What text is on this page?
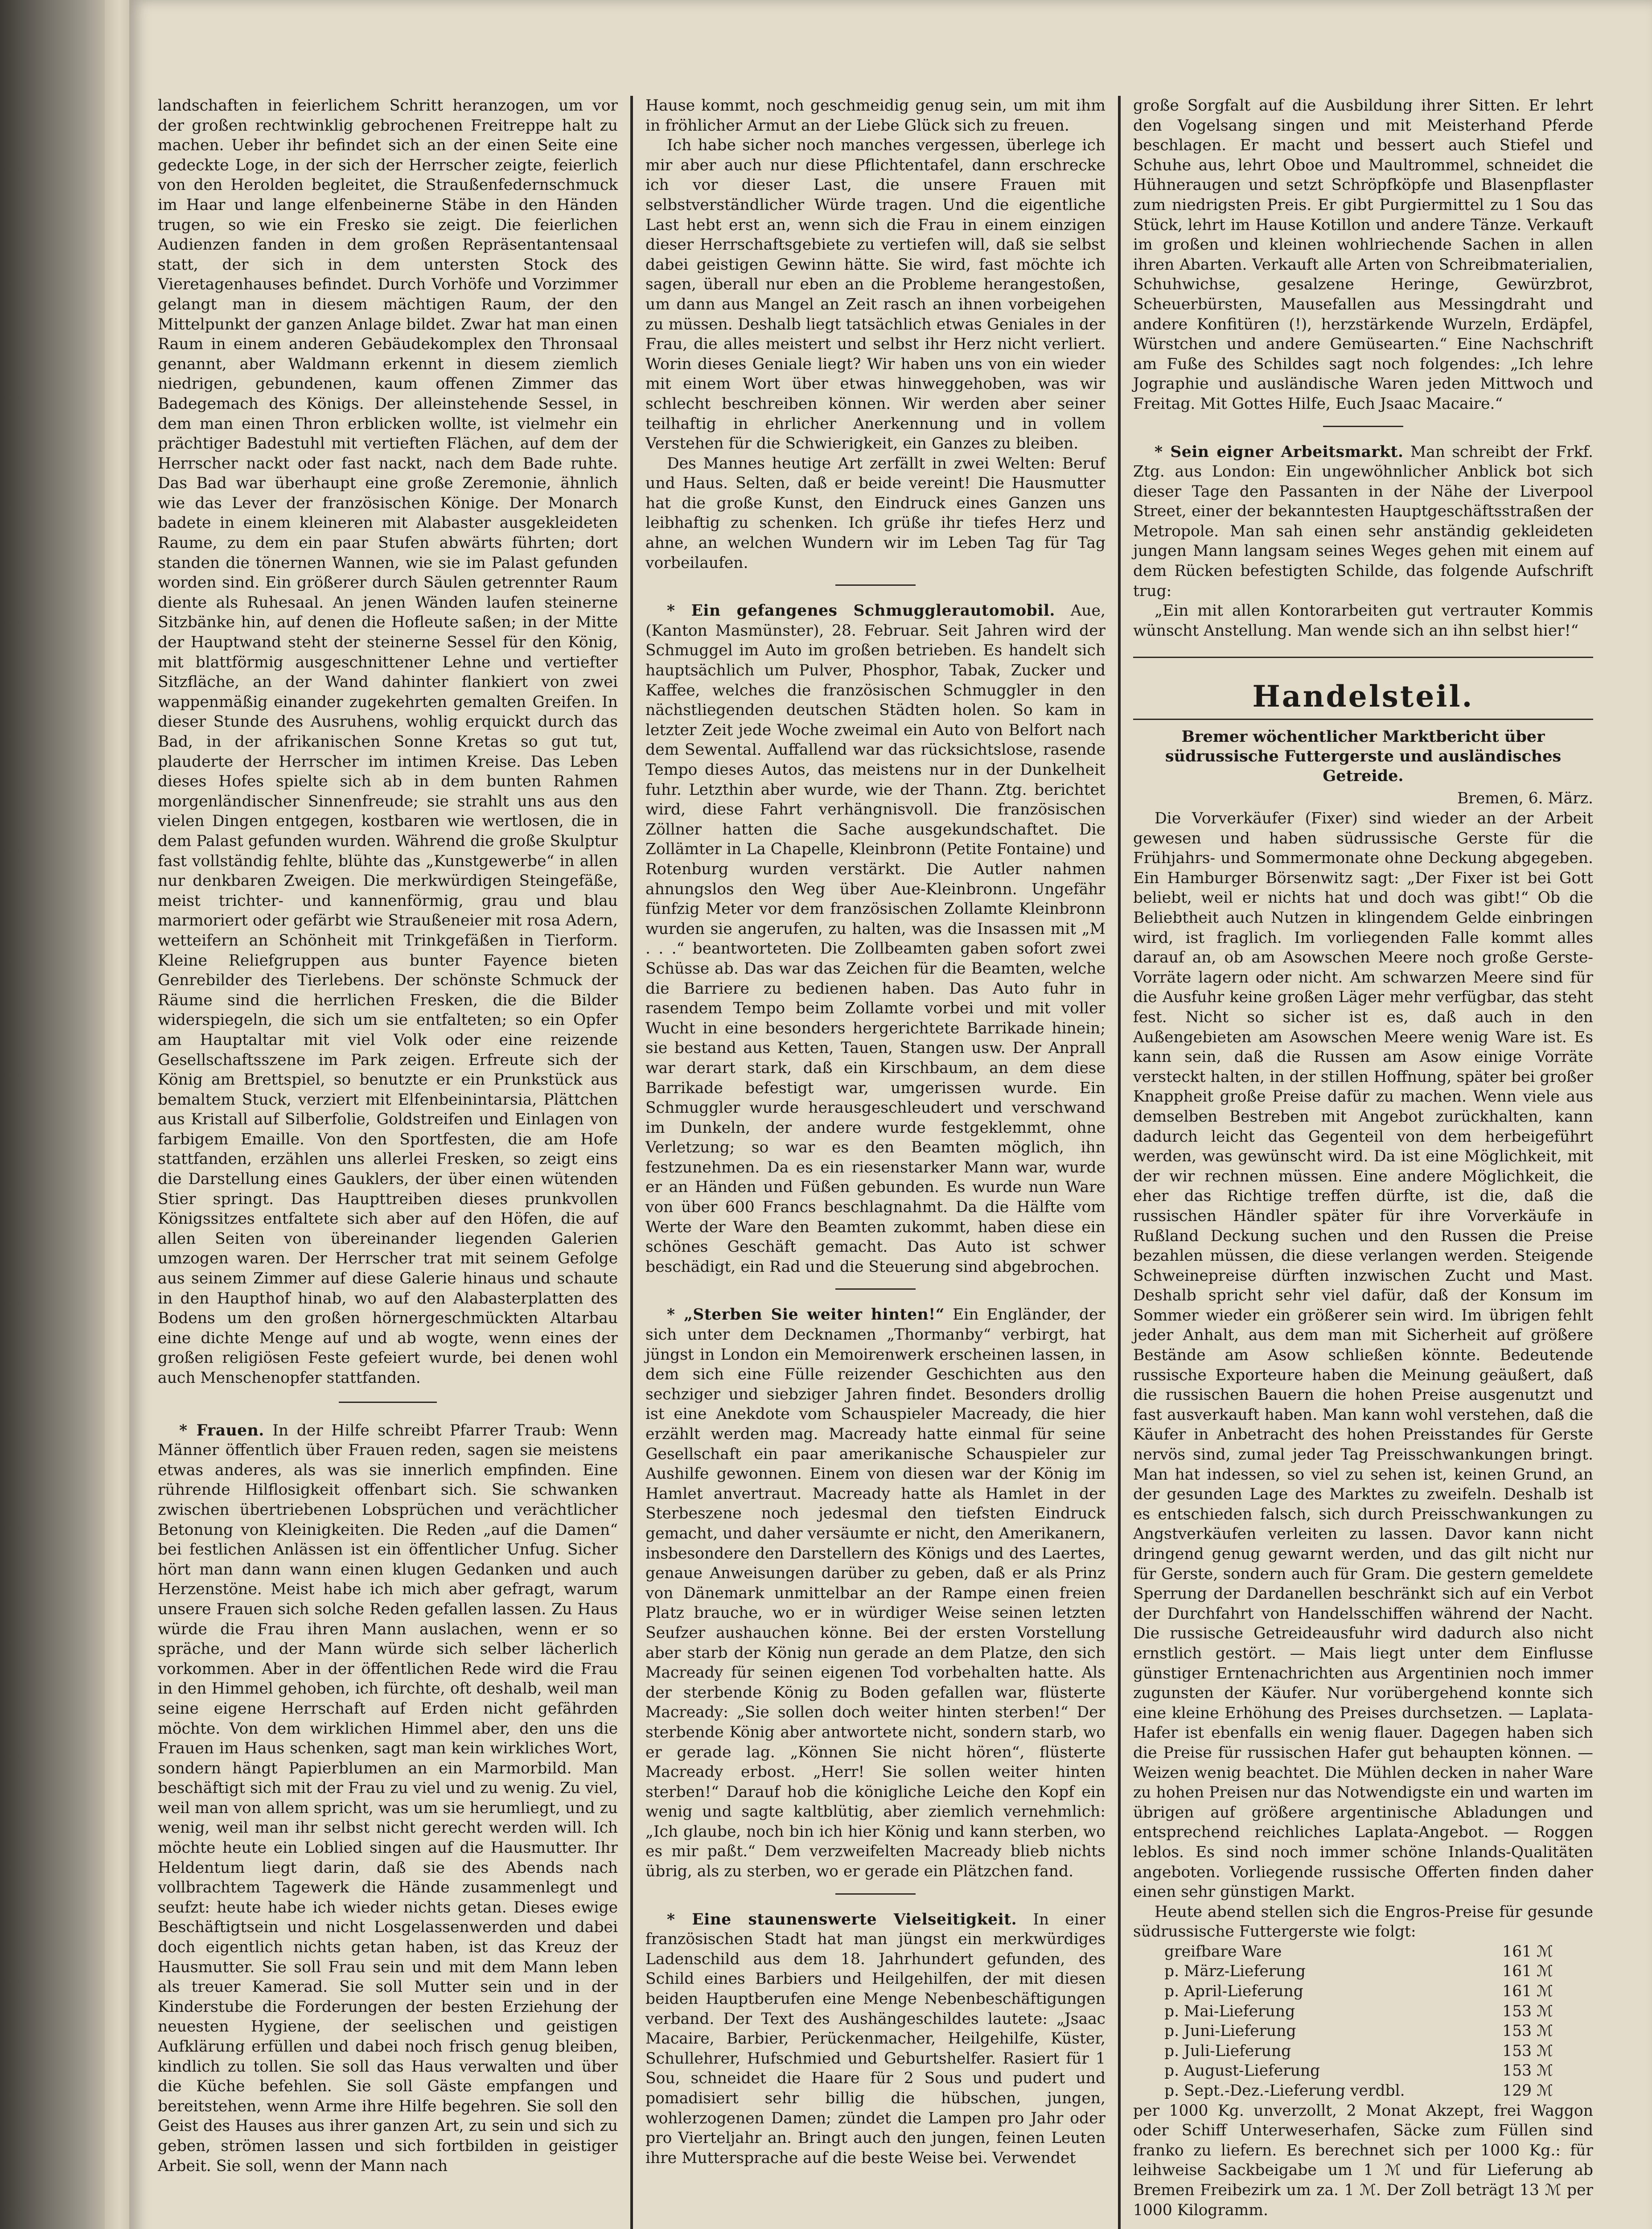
landschaften in feierlichem Schritt heranzogen, um vor der großen rechtwinklig gebrochenen Freitreppe halt zu machen. Ueber ihr befindet sich an der einen Seite eine gedeckte Loge, in der sich der Herrscher zeigte, feierlich von den Herolden begleitet, die Straußenfedernschmuck im Haar und lange elfenbeinerne Stäbe in den Händen trugen, so wie ein Fresko sie zeigt. Die feierlichen Audienzen fanden in dem großen Repräsentantensaal statt, der sich in dem untersten Stock des Vieretagenhauses befindet. Durch Vorhöfe und Vorzimmer gelangt man in diesem mächtigen Raum, der den Mittelpunkt der ganzen Anlage bildet. Zwar hat man einen Raum in einem anderen Gebäudekomplex den Thronsaal genannt, aber Waldmann erkennt in diesem ziemlich niedrigen, gebundenen, kaum offenen Zimmer das Badegemach des Königs. Der alleinstehende Sessel, in dem man einen Thron erblicken wollte, ist vielmehr ein prächtiger Badestuhl mit vertieften Flächen, auf dem der Herrscher nackt oder fast nackt, nach dem Bade ruhte. Das Bad war überhaupt eine große Zeremonie, ähnlich wie das Lever der französischen Könige. Der Monarch badete in einem kleineren mit Alabaster ausgekleideten Raume, zu dem ein paar Stufen abwärts führten; dort standen die tönernen Wannen, wie sie im Palast gefunden worden sind. Ein größerer durch Säulen getrennter Raum diente als Ruhesaal. An jenen Wänden laufen steinerne Sitzbänke hin, auf denen die Hofleute saßen; in der Mitte der Hauptwand steht der steinerne Sessel für den König, mit blattförmig ausgeschnittener Lehne und vertiefter Sitzfläche, an der Wand dahinter flankiert von zwei wappenmäßig einander zugekehrten gemalten Greifen. In dieser Stunde des Ausruhens, wohlig erquickt durch das Bad, in der afrikanischen Sonne Kretas so gut tut, plauderte der Herrscher im intimen Kreise. Das Leben dieses Hofes spielte sich ab in dem bunten Rahmen morgenländischer Sinnenfreude; sie strahlt uns aus den vielen Dingen entgegen, kostbaren wie wertlosen, die in dem Palast gefunden wurden. Während die große Skulptur fast vollständig fehlte, blühte das „Kunstgewerbe“ in allen nur denkbaren Zweigen. Die merkwürdigen Steingefäße, meist trichter- und kannenförmig, grau und blau marmoriert oder gefärbt wie Straußeneier mit rosa Adern, wetteifern an Schönheit mit Trinkgefäßen in Tierform. Kleine Reliefgruppen aus bunter Fayence bieten Genrebilder des Tierlebens. Der schönste Schmuck der Räume sind die herrlichen Fresken, die die Bilder widerspiegeln, die sich um sie entfalteten; so ein Opfer am Hauptaltar mit viel Volk oder eine reizende Gesellschaftsszene im Park zeigen. Erfreute sich der König am Brettspiel, so benutzte er ein Prunkstück aus bemaltem Stuck, verziert mit Elfenbeinintarsia, Plättchen aus Kristall auf Silberfolie, Goldstreifen und Einlagen von farbigem Emaille. Von den Sportfesten, die am Hofe stattfanden, erzählen uns allerlei Fresken, so zeigt eins die Darstellung eines Gauklers, der über einen wütenden Stier springt. Das Haupttreiben dieses prunkvollen Königssitzes entfaltete sich aber auf den Höfen, die auf allen Seiten von übereinander liegenden Galerien umzogen waren. Der Herrscher trat mit seinem Gefolge aus seinem Zimmer auf diese Galerie hinaus und schaute in den Haupthof hinab, wo auf den Alabasterplatten des Bodens um den großen hörnergeschmückten Altarbau eine dichte Menge auf und ab wogte, wenn eines der großen religiösen Feste gefeiert wurde, bei denen wohl auch Menschenopfer stattfanden.

* Frauen. In der Hilfe schreibt Pfarrer Traub: Wenn Männer öffentlich über Frauen reden, sagen sie meistens etwas anderes, als was sie innerlich empfinden. Eine rührende Hilflosigkeit offenbart sich. Sie schwanken zwischen übertriebenen Lobsprüchen und verächtlicher Betonung von Kleinigkeiten. Die Reden „auf die Damen“ bei festlichen Anlässen ist ein öffentlicher Unfug. Sicher hört man dann wann einen klugen Gedanken und auch Herzenstöne. Meist habe ich mich aber gefragt, warum unsere Frauen sich solche Reden gefallen lassen. Zu Haus würde die Frau ihren Mann auslachen, wenn er so spräche, und der Mann würde sich selber lächerlich vorkommen. Aber in der öffentlichen Rede wird die Frau in den Himmel gehoben, ich fürchte, oft deshalb, weil man seine eigene Herrschaft auf Erden nicht gefährden möchte. Von dem wirklichen Himmel aber, den uns die Frauen im Haus schenken, sagt man kein wirkliches Wort, sondern hängt Papierblumen an ein Marmorbild. Man beschäftigt sich mit der Frau zu viel und zu wenig. Zu viel, weil man von allem spricht, was um sie herumliegt, und zu wenig, weil man ihr selbst nicht gerecht werden will. Ich möchte heute ein Loblied singen auf die Hausmutter. Ihr Heldentum liegt darin, daß sie des Abends nach vollbrachtem Tagewerk die Hände zusammenlegt und seufzt: heute habe ich wieder nichts getan. Dieses ewige Beschäftigtsein und nicht Losgelassenwerden und dabei doch eigentlich nichts getan haben, ist das Kreuz der Hausmutter. Sie soll Frau sein und mit dem Mann leben als treuer Kamerad. Sie soll Mutter sein und in der Kinderstube die Forderungen der besten Erziehung der neuesten Hygiene, der seelischen und geistigen Aufklärung erfüllen und dabei noch frisch genug bleiben, kindlich zu tollen. Sie soll das Haus verwalten und über die Küche befehlen. Sie soll Gäste empfangen und bereitstehen, wenn Arme ihre Hilfe begehren. Sie soll den Geist des Hauses aus ihrer ganzen Art, zu sein und sich zu geben, strömen lassen und sich fortbilden in geistiger Arbeit. Sie soll, wenn der Mann nach

Hause kommt, noch geschmeidig genug sein, um mit ihm in fröhlicher Armut an der Liebe Glück sich zu freuen.

Ich habe sicher noch manches vergessen, überlege ich mir aber auch nur diese Pflichtentafel, dann erschrecke ich vor dieser Last, die unsere Frauen mit selbstverständlicher Würde tragen. Und die eigentliche Last hebt erst an, wenn sich die Frau in einem einzigen dieser Herrschaftsgebiete zu vertiefen will, daß sie selbst dabei geistigen Gewinn hätte. Sie wird, fast möchte ich sagen, überall nur eben an die Probleme herangestoßen, um dann aus Mangel an Zeit rasch an ihnen vorbeigehen zu müssen. Deshalb liegt tatsächlich etwas Geniales in der Frau, die alles meistert und selbst ihr Herz nicht verliert. Worin dieses Geniale liegt? Wir haben uns von ein wieder mit einem Wort über etwas hinweggehoben, was wir schlecht beschreiben können. Wir werden aber seiner teilhaftig in ehrlicher Anerkennung und in vollem Verstehen für die Schwierigkeit, ein Ganzes zu bleiben.

Des Mannes heutige Art zerfällt in zwei Welten: Beruf und Haus. Selten, daß er beide vereint! Die Hausmutter hat die große Kunst, den Eindruck eines Ganzen uns leibhaftig zu schenken. Ich grüße ihr tiefes Herz und ahne, an welchen Wundern wir im Leben Tag für Tag vorbeilaufen.

* Ein gefangenes Schmugglerautomobil. Aue, (Kanton Masmünster), 28. Februar. Seit Jahren wird der Schmuggel im Auto im großen betrieben. Es handelt sich hauptsächlich um Pulver, Phosphor, Tabak, Zucker und Kaffee, welches die französischen Schmuggler in den nächstliegenden deutschen Städten holen. So kam in letzter Zeit jede Woche zweimal ein Auto von Belfort nach dem Sewental. Auffallend war das rücksichtslose, rasende Tempo dieses Autos, das meistens nur in der Dunkelheit fuhr. Letzthin aber wurde, wie der Thann. Ztg. berichtet wird, diese Fahrt verhängnisvoll. Die französischen Zöllner hatten die Sache ausgekundschaftet. Die Zollämter in La Chapelle, Kleinbronn (Petite Fontaine) und Rotenburg wurden verstärkt. Die Autler nahmen ahnungslos den Weg über Aue-Kleinbronn. Ungefähr fünfzig Meter vor dem französischen Zollamte Kleinbronn wurden sie angerufen, zu halten, was die Insassen mit „M . . .“ beantworteten. Die Zollbeamten gaben sofort zwei Schüsse ab. Das war das Zeichen für die Beamten, welche die Barriere zu bedienen haben. Das Auto fuhr in rasendem Tempo beim Zollamte vorbei und mit voller Wucht in eine besonders hergerichtete Barrikade hinein; sie bestand aus Ketten, Tauen, Stangen usw. Der Anprall war derart stark, daß ein Kirschbaum, an dem diese Barrikade befestigt war, umgerissen wurde. Ein Schmuggler wurde herausgeschleudert und verschwand im Dunkeln, der andere wurde festgeklemmt, ohne Verletzung; so war es den Beamten möglich, ihn festzunehmen. Da es ein riesenstarker Mann war, wurde er an Händen und Füßen gebunden. Es wurde nun Ware von über 600 Francs beschlagnahmt. Da die Hälfte vom Werte der Ware den Beamten zukommt, haben diese ein schönes Geschäft gemacht. Das Auto ist schwer beschädigt, ein Rad und die Steuerung sind abgebrochen.

* „Sterben Sie weiter hinten!“ Ein Engländer, der sich unter dem Decknamen „Thormanby“ verbirgt, hat jüngst in London ein Memoirenwerk erscheinen lassen, in dem sich eine Fülle reizender Geschichten aus den sechziger und siebziger Jahren findet. Besonders drollig ist eine Anekdote vom Schauspieler Macready, die hier erzählt werden mag. Macready hatte einmal für seine Gesellschaft ein paar amerikanische Schauspieler zur Aushilfe gewonnen. Einem von diesen war der König im Hamlet anvertraut. Macready hatte als Hamlet in der Sterbeszene noch jedesmal den tiefsten Eindruck gemacht, und daher versäumte er nicht, den Amerikanern, insbesondere den Darstellern des Königs und des Laertes, genaue Anweisungen darüber zu geben, daß er als Prinz von Dänemark unmittelbar an der Rampe einen freien Platz brauche, wo er in würdiger Weise seinen letzten Seufzer aushauchen könne. Bei der ersten Vorstellung aber starb der König nun gerade an dem Platze, den sich Macready für seinen eigenen Tod vorbehalten hatte. Als der sterbende König zu Boden gefallen war, flüsterte Macready: „Sie sollen doch weiter hinten sterben!“ Der sterbende König aber antwortete nicht, sondern starb, wo er gerade lag. „Können Sie nicht hören“, flüsterte Macready erbost. „Herr! Sie sollen weiter hinten sterben!“ Darauf hob die königliche Leiche den Kopf ein wenig und sagte kaltblütig, aber ziemlich vernehmlich: „Ich glaube, noch bin ich hier König und kann sterben, wo es mir paßt.“ Dem verzweifelten Macready blieb nichts übrig, als zu sterben, wo er gerade ein Plätzchen fand.

* Eine staunenswerte Vielseitigkeit. In einer französischen Stadt hat man jüngst ein merkwürdiges Ladenschild aus dem 18. Jahrhundert gefunden, des Schild eines Barbiers und Heilgehilfen, der mit diesen beiden Hauptberufen eine Menge Nebenbeschäftigungen verband. Der Text des Aushängeschildes lautete: „Jsaac Macaire, Barbier, Perückenmacher, Heilgehilfe, Küster, Schullehrer, Hufschmied und Geburtshelfer. Rasiert für 1 Sou, schneidet die Haare für 2 Sous und pudert und pomadisiert sehr billig die hübschen, jungen, wohlerzogenen Damen; zündet die Lampen pro Jahr oder pro Vierteljahr an. Bringt auch den jungen, feinen Leuten ihre Muttersprache auf die beste Weise bei. Verwendet

große Sorgfalt auf die Ausbildung ihrer Sitten. Er lehrt den Vogelsang singen und mit Meisterhand Pferde beschlagen. Er macht und bessert auch Stiefel und Schuhe aus, lehrt Oboe und Maultrommel, schneidet die Hühneraugen und setzt Schröpfköpfe und Blasenpflaster zum niedrigsten Preis. Er gibt Purgiermittel zu 1 Sou das Stück, lehrt im Hause Kotillon und andere Tänze. Verkauft im großen und kleinen wohlriechende Sachen in allen ihren Abarten. Verkauft alle Arten von Schreibmaterialien, Schuhwichse, gesalzene Heringe, Gewürzbrot, Scheuerbürsten, Mausefallen aus Messingdraht und andere Konfitüren (!), herzstärkende Wurzeln, Erdäpfel, Würstchen und andere Gemüsearten.“ Eine Nachschrift am Fuße des Schildes sagt noch folgendes: „Ich lehre Jographie und ausländische Waren jeden Mittwoch und Freitag. Mit Gottes Hilfe, Euch Jsaac Macaire.“

* Sein eigner Arbeitsmarkt. Man schreibt der Frkf. Ztg. aus London: Ein ungewöhnlicher Anblick bot sich dieser Tage den Passanten in der Nähe der Liverpool Street, einer der bekanntesten Hauptgeschäftsstraßen der Metropole. Man sah einen sehr anständig gekleideten jungen Mann langsam seines Weges gehen mit einem auf dem Rücken befestigten Schilde, das folgende Aufschrift trug:

„Ein mit allen Kontorarbeiten gut vertrauter Kommis wünscht Anstellung. Man wende sich an ihn selbst hier!“

Handelsteil.
Bremer wöchentlicher Marktbericht über südrussische Futtergerste und ausländisches Getreide.
Bremen, 6. März.

Die Vorverkäufer (Fixer) sind wieder an der Arbeit gewesen und haben südrussische Gerste für die Frühjahrs- und Sommermonate ohne Deckung abgegeben. Ein Hamburger Börsenwitz sagt: „Der Fixer ist bei Gott beliebt, weil er nichts hat und doch was gibt!“ Ob die Beliebtheit auch Nutzen in klingendem Gelde einbringen wird, ist fraglich. Im vorliegenden Falle kommt alles darauf an, ob am Asowschen Meere noch große Gerste-Vorräte lagern oder nicht. Am schwarzen Meere sind für die Ausfuhr keine großen Läger mehr verfügbar, das steht fest. Nicht so sicher ist es, daß auch in den Außengebieten am Asowschen Meere wenig Ware ist. Es kann sein, daß die Russen am Asow einige Vorräte versteckt halten, in der stillen Hoffnung, später bei großer Knappheit große Preise dafür zu machen. Wenn viele aus demselben Bestreben mit Angebot zurückhalten, kann dadurch leicht das Gegenteil von dem herbeigeführt werden, was gewünscht wird. Da ist eine Möglichkeit, mit der wir rechnen müssen. Eine andere Möglichkeit, die eher das Richtige treffen dürfte, ist die, daß die russischen Händler später für ihre Vorverkäufe in Rußland Deckung suchen und den Russen die Preise bezahlen müssen, die diese verlangen werden. Steigende Schweinepreise dürften inzwischen Zucht und Mast. Deshalb spricht sehr viel dafür, daß der Konsum im Sommer wieder ein größerer sein wird. Im übrigen fehlt jeder Anhalt, aus dem man mit Sicherheit auf größere Bestände am Asow schließen könnte. Bedeutende russische Exporteure haben die Meinung geäußert, daß die russischen Bauern die hohen Preise ausgenutzt und fast ausverkauft haben. Man kann wohl verstehen, daß die Käufer in Anbetracht des hohen Preisstandes für Gerste nervös sind, zumal jeder Tag Preisschwankungen bringt. Man hat indessen, so viel zu sehen ist, keinen Grund, an der gesunden Lage des Marktes zu zweifeln. Deshalb ist es entschieden falsch, sich durch Preisschwankungen zu Angstverkäufen verleiten zu lassen. Davor kann nicht dringend genug gewarnt werden, und das gilt nicht nur für Gerste, sondern auch für Gram. Die gestern gemeldete Sperrung der Dardanellen beschränkt sich auf ein Verbot der Durchfahrt von Handelsschiffen während der Nacht. Die russische Getreideausfuhr wird dadurch also nicht ernstlich gestört. — Mais liegt unter dem Einflusse günstiger Erntenachrichten aus Argentinien noch immer zugunsten der Käufer. Nur vorübergehend konnte sich eine kleine Erhöhung des Preises durchsetzen. — Laplata-Hafer ist ebenfalls ein wenig flauer. Dagegen haben sich die Preise für russischen Hafer gut behaupten können. — Weizen wenig beachtet. Die Mühlen decken in naher Ware zu hohen Preisen nur das Notwendigste ein und warten im übrigen auf größere argentinische Abladungen und entsprechend reichliches Laplata-Angebot. — Roggen leblos. Es sind noch immer schöne Inlands-Qualitäten angeboten. Vorliegende russische Offerten finden daher einen sehr günstigen Markt.

Heute abend stellen sich die Engros-Preise für gesunde südrussische Futtergerste wie folgt:

greifbare Ware	161 ℳ
p. März-Lieferung	161 ℳ
p. April-Lieferung	161 ℳ
p. Mai-Lieferung	153 ℳ
p. Juni-Lieferung	153 ℳ
p. Juli-Lieferung	153 ℳ
p. August-Lieferung	153 ℳ
p. Sept.-Dez.-Lieferung verdbl.	129 ℳ

per 1000 Kg. unverzollt, 2 Monat Akzept, frei Waggon oder Schiff Unterweserhafen, Säcke zum Füllen sind franko zu liefern. Es berechnet sich per 1000 Kg.: für leihweise Sackbeigabe um 1 ℳ und für Lieferung ab Bremen Freibezirk um za. 1 ℳ. Der Zoll beträgt 13 ℳ per 1000 Kilogramm.
